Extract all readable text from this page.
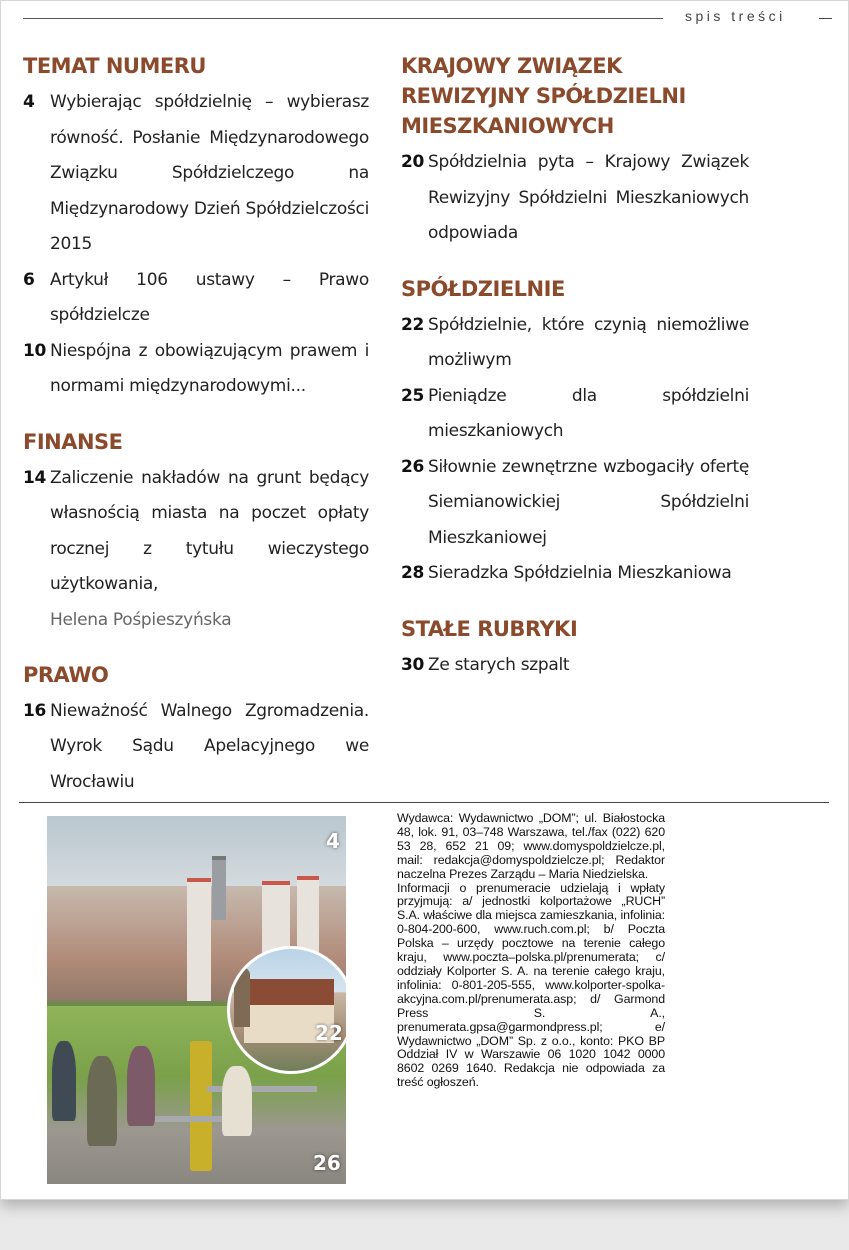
spis treści
TEMAT NUMERU
4 Wybierając spółdzielnię – wybierasz równość. Posłanie Międzynarodowego Związku Spółdzielczego na Międzynarodowy Dzień Spółdzielczości 2015
6 Artykuł 106 ustawy – Prawo spółdzielcze
10 Niespójna z obowiązującym prawem i normami międzynarodowymi...
FINANSE
14 Zaliczenie nakładów na grunt będący własnością miasta na poczet opłaty rocznej z tytułu wieczystego użytkowania,
Helena Pośpieszyńska
PRAWO
16 Nieważność Walnego Zgromadzenia. Wyrok Sądu Apelacyjnego we Wrocławiu
KRAJOWY ZWIĄZEK REWIZYJNY SPÓŁDZIELNI MIESZKANIOWYCH
20 Spółdzielnia pyta – Krajowy Związek Rewizyjny Spółdzielni Mieszkaniowych odpowiada
SPÓŁDZIELNIE
22 Spółdzielnie, które czynią niemożliwe możliwym
25 Pieniądze dla spółdzielni mieszkaniowych
26 Siłownie zewnętrzne wzbogaciły ofertę Siemianowickiej Spółdzielni Mieszkaniowej
28 Sieradzka Spółdzielnia Mieszkaniowa
STAŁE RUBRYKI
30 Ze starych szpalt
4
22
26

Wydawca: Wydawnictwo „DOM”; ul. Białostocka 48, lok. 91, 03–748 Warszawa, tel./fax (022) 620 53 28, 652 21 09; www.domyspoldzielcze.pl, mail: redakcja@domyspoldzielcze.pl; Redaktor naczelna Prezes Zarządu – Maria Niedzielska.

Informacji o prenumeracie udzielają i wpłaty przyjmują: a/ jednostki kolportażowe „RUCH” S.A. właściwe dla miejsca zamieszkania, infolinia: 0-804-200-600, www.ruch.com.pl; b/ Poczta Polska – urzędy pocztowe na terenie całego kraju, www.poczta–polska.pl/prenumerata; c/ oddziały Kolporter S. A. na terenie całego kraju, infolinia: 0-801-205-555, www.kolporter-spolka-akcyjna.com.pl/prenumerata.asp; d/ Garmond Press S. A., prenumerata.gpsa@garmondpress.pl; e/ Wydawnictwo „DOM” Sp. z o.o., konto: PKO BP Oddział IV w Warszawie 06 1020 1042 0000 8602 0269 1640. Redakcja nie odpowiada za treść ogłoszeń.
